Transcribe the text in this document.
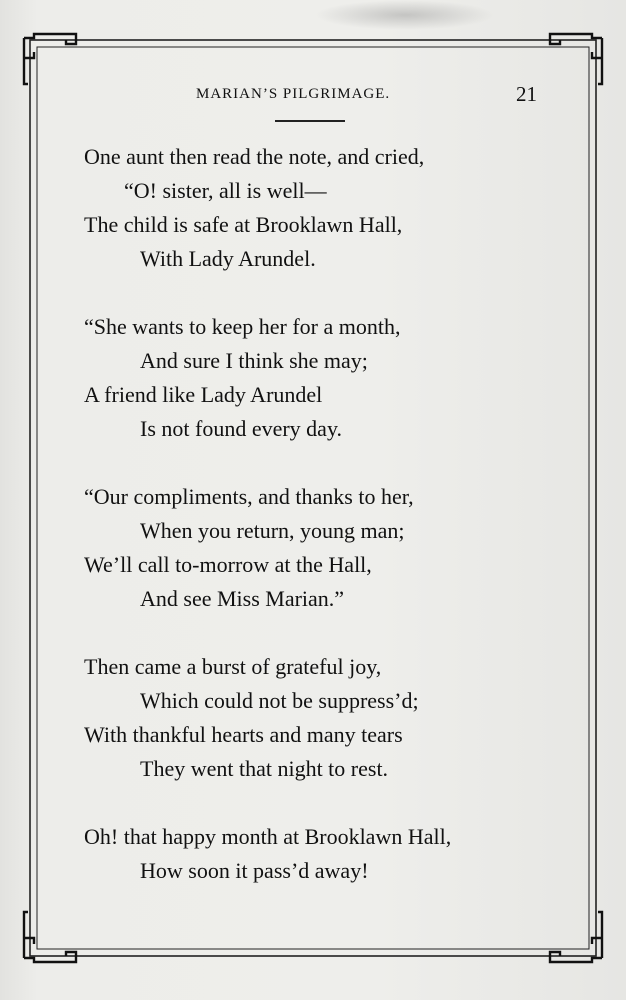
MARIAN’S PILGRIMAGE.	21
One aunt then read the note, and cried,
“O! sister, all is well—
The child is safe at Brooklawn Hall,
With Lady Arundel.
“She wants to keep her for a month,
And sure I think she may;
A friend like Lady Arundel
Is not found every day.
“Our compliments, and thanks to her,
When you return, young man;
We’ll call to-morrow at the Hall,
And see Miss Marian.”
Then came a burst of grateful joy,
Which could not be suppress’d;
With thankful hearts and many tears
They went that night to rest.
Oh! that happy month at Brooklawn Hall,
How soon it pass’d away!
